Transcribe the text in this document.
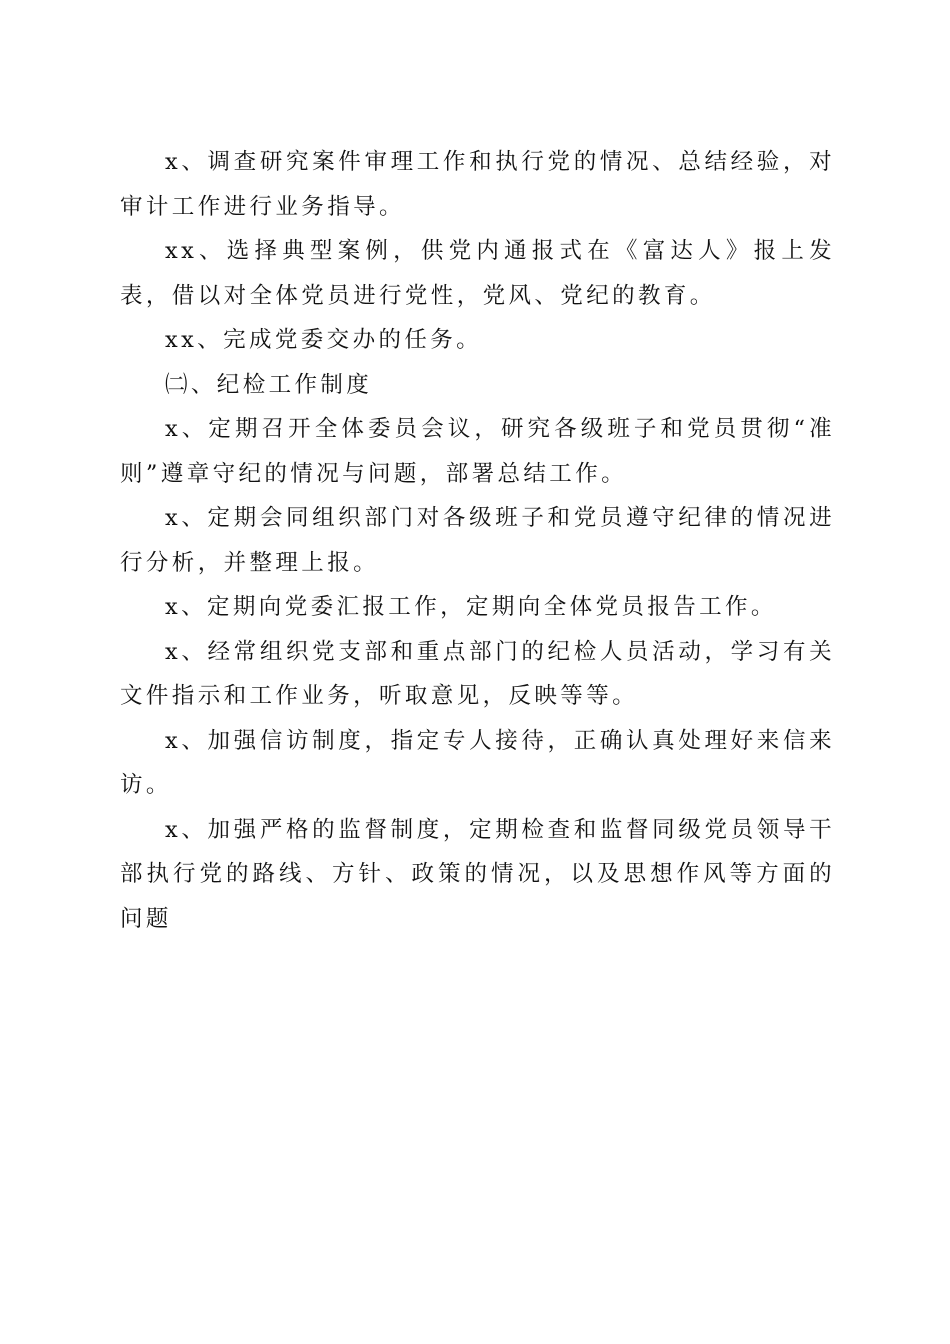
x、调查研究案件审理工作和执行党的情况、总结经验，对审计工作进行业务指导。

xx、选择典型案例，供党内通报式在《富达人》报上发表，借以对全体党员进行党性，党风、党纪的教育。

xx、完成党委交办的任务。

㈡、纪检工作制度

x、定期召开全体委员会议，研究各级班子和党员贯彻“准则”遵章守纪的情况与问题，部署总结工作。

x、定期会同组织部门对各级班子和党员遵守纪律的情况进行分析，并整理上报。

x、定期向党委汇报工作，定期向全体党员报告工作。

x、经常组织党支部和重点部门的纪检人员活动，学习有关文件指示和工作业务，听取意见，反映等等。

x、加强信访制度，指定专人接待，正确认真处理好来信来访。

x、加强严格的监督制度，定期检查和监督同级党员领导干部执行党的路线、方针、政策的情况，以及思想作风等方面的问题
